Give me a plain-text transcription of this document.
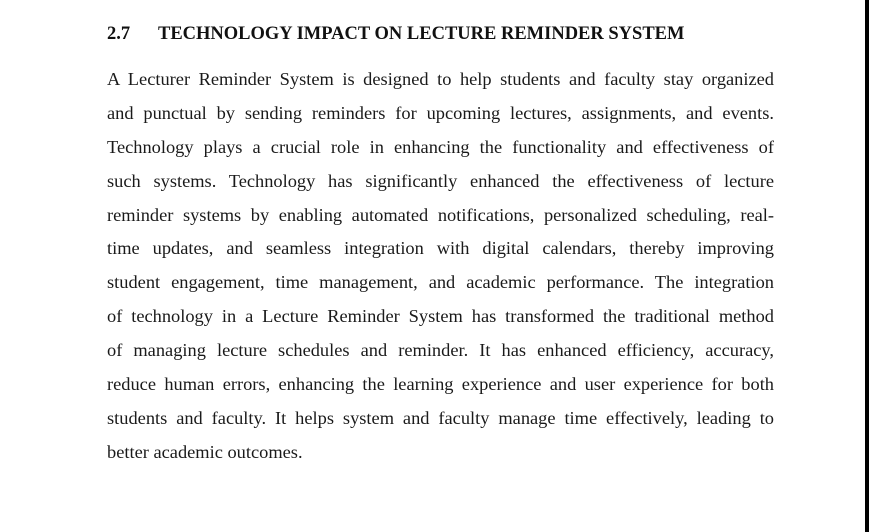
2.7 TECHNOLOGY IMPACT ON LECTURE REMINDER SYSTEM
A Lecturer Reminder System is designed to help students and faculty stay organized
and punctual by sending reminders for upcoming lectures, assignments, and events.
Technology plays a crucial role in enhancing the functionality and effectiveness of
such systems. Technology has significantly enhanced the effectiveness of lecture
reminder systems by enabling automated notifications, personalized scheduling, real-
time updates, and seamless integration with digital calendars, thereby improving
student engagement, time management, and academic performance. The integration
of technology in a Lecture Reminder System has transformed the traditional method
of managing lecture schedules and reminder. It has enhanced efficiency, accuracy,
reduce human errors, enhancing the learning experience and user experience for both
students and faculty. It helps system and faculty manage time effectively, leading to
better academic outcomes.
